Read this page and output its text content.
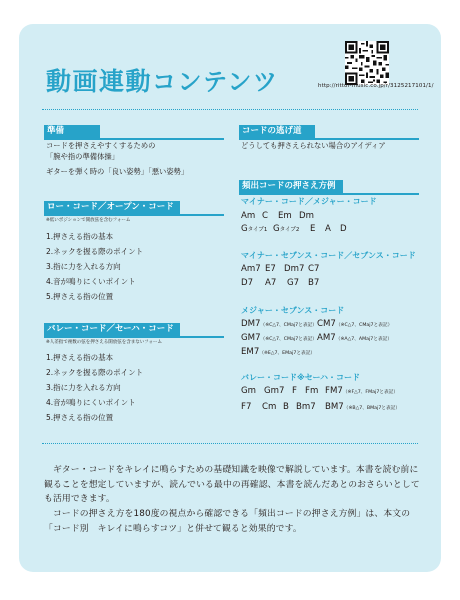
http://rittor-music.co.jp/r/3125217101/1/
動画連動コンテンツ
準備
コードを押さえやすくするための
「腕や指の準備体操」
ギターを弾く時の「良い姿勢」「悪い姿勢」
ロー・コード／オープン・コード
※低いポジションで開放弦を含むフォーム
1.押さえる指の基本
2.ネックを握る際のポイント
3.指に力を入れる方向
4.音が鳴りにくいポイント
5.押さえる指の位置
バレー・コード／セーハ・コード
※人差指で複数の弦を押さえる開放弦を含まないフォーム
1.押さえる指の基本
2.ネックを握る際のポイント
3.指に力を入れる方向
4.音が鳴りにくいポイント
5.押さえる指の位置
コードの逃げ道
どうしても押さえられない場合のアイディア
頻出コードの押さえ方例
マイナー・コード／メジャー・コード
Am C Em Dm
Gタイプ1 Gタイプ2 E A D
マイナー・セブンス・コード／セブンス・コード
Am7 E7 Dm7 C7
D7 A7 G7 B7
メジャー・セブンス・コード
DM7（※C△7、CMaj7と表記） CM7（※C△7、CMaj7と表記）
GM7（※C△7、CMaj7と表記） AM7（※A△7、AMaj7と表記）
EM7（※E△7、EMaj7と表記）
バレー・コード※セーハ・コード
Gm Gm7 F Fm FM7（※F△7、FMaj7と表記）
F7 Cm B Bm7 BM7（※B△7、BMaj7と表記）
　ギター・コードをキレイに鳴らすための基礎知識を映像で解説しています。本書を読む前に観ることを想定していますが、読んでいる最中の再確認、本書を読んだあとのおさらいとしても活用できます。
　コードの押さえ方を180度の視点から確認できる「頻出コードの押さえ方例」は、本文の「コード別　キレイに鳴らすコツ」と併せて観ると効果的です。
